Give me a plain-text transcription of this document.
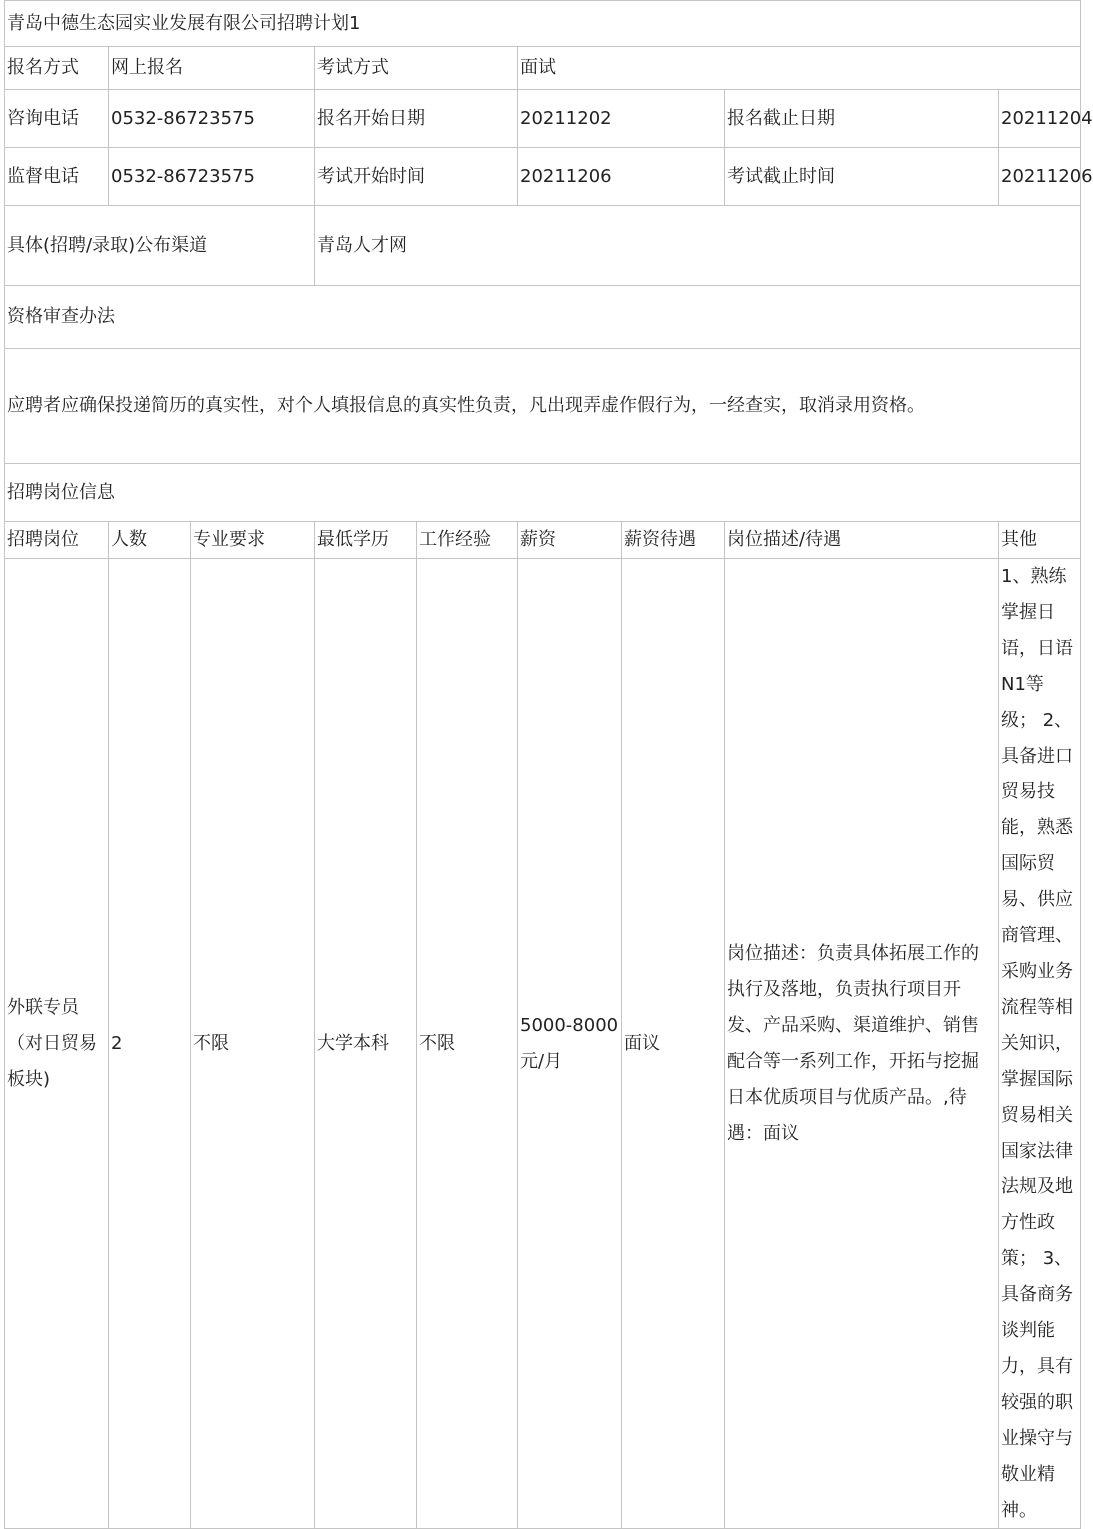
青岛中德生态园实业发展有限公司招聘计划1								
报名方式	网上报名		考试方式		面试			
咨询电话	0532-86723575		报名开始日期		20211202		报名截止日期	20211204
监督电话	0532-86723575		考试开始时间		20211206		考试截止时间	20211206
具体(招聘/录取)公布渠道			青岛人才网					
资格审查办法								
应聘者应确保投递简历的真实性，对个人填报信息的真实性负责，凡出现弄虚作假行为，一经查实，取消录用资格。								
招聘岗位信息								
招聘岗位	人数	专业要求	最低学历	工作经验	薪资	薪资待遇	岗位描述/待遇	其他
外联专员（对日贸易板块)	2	不限	大学本科	不限	5000-8000元/月	面议	岗位描述：负责具体拓展工作的执行及落地，负责执行项目开发、产品采购、渠道维护、销售配合等一系列工作，开拓与挖掘日本优质项目与优质产品。,待遇：面议	1、熟练掌握日语，日语N1等级； 2、具备进口贸易技能，熟悉国际贸易、供应商管理、采购业务流程等相关知识，掌握国际贸易相关国家法律法规及地方性政策； 3、具备商务谈判能力，具有较强的职业操守与敬业精神。
